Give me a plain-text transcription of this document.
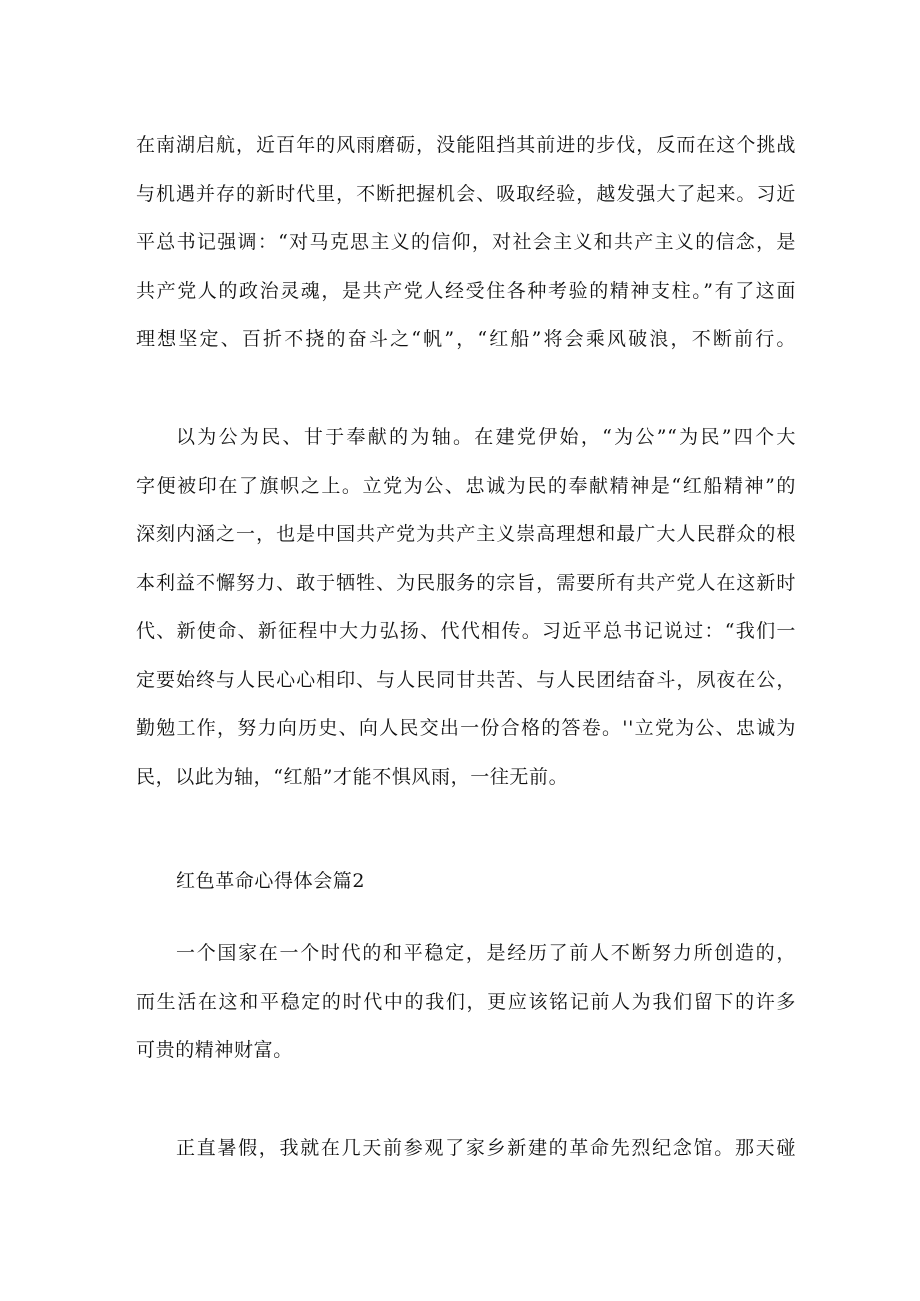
在南湖启航，近百年的风雨磨砺，没能阻挡其前进的步伐，反而在这个挑战
与机遇并存的新时代里，不断把握机会、吸取经验，越发强大了起来。习近
平总书记强调：“对马克思主义的信仰，对社会主义和共产主义的信念，是
共产党人的政治灵魂，是共产党人经受住各种考验的精神支柱。”有了这面
理想坚定、百折不挠的奋斗之“帆”，“红船”将会乘风破浪，不断前行。
以为公为民、甘于奉献的为轴。在建党伊始，“为公”“为民”四个大
字便被印在了旗帜之上。立党为公、忠诚为民的奉献精神是“红船精神”的
深刻内涵之一，也是中国共产党为共产主义崇高理想和最广大人民群众的根
本利益不懈努力、敢于牺牲、为民服务的宗旨，需要所有共产党人在这新时
代、新使命、新征程中大力弘扬、代代相传。习近平总书记说过：“我们一
定要始终与人民心心相印、与人民同甘共苦、与人民团结奋斗，夙夜在公，
勤勉工作，努力向历史、向人民交出一份合格的答卷。''立党为公、忠诚为
民，以此为轴，“红船”才能不惧风雨，一往无前。
红色革命心得体会篇2
一个国家在一个时代的和平稳定，是经历了前人不断努力所创造的，
而生活在这和平稳定的时代中的我们，更应该铭记前人为我们留下的许多
可贵的精神财富。
正直暑假，我就在几天前参观了家乡新建的革命先烈纪念馆。那天碰
